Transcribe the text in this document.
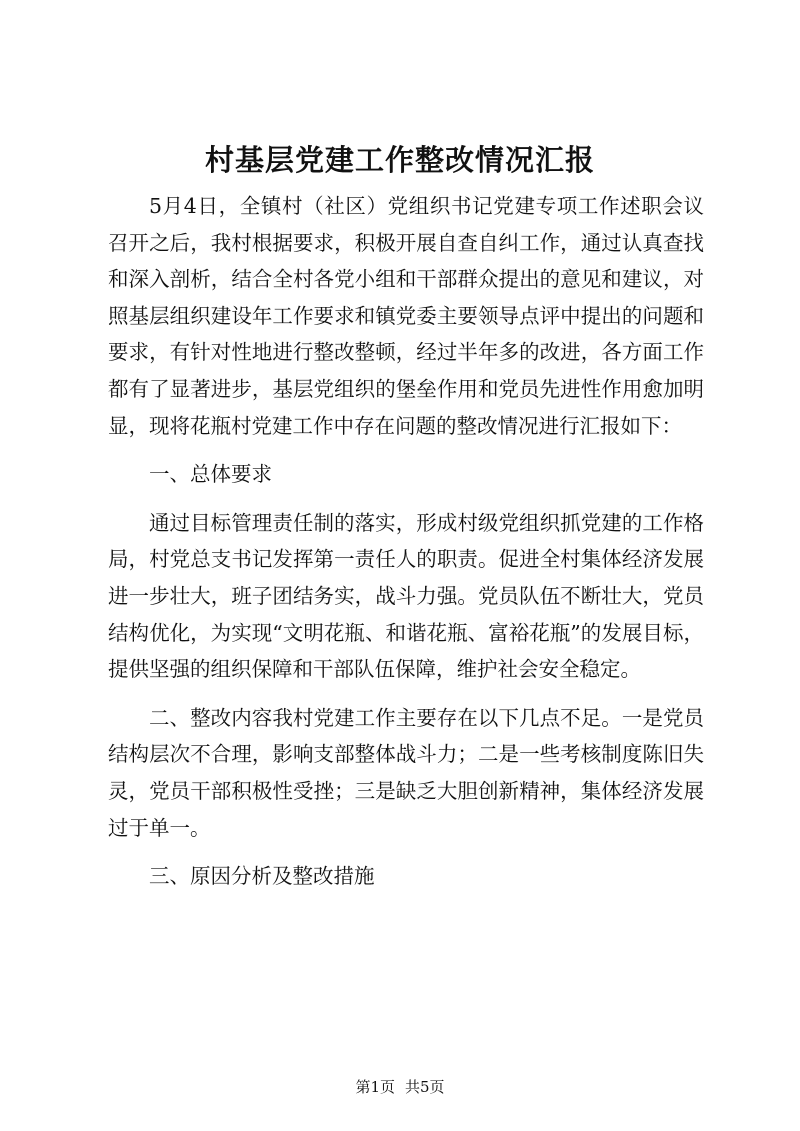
村基层党建工作整改情况汇报

5月4日，全镇村（社区）党组织书记党建专项工作述职会议召开之后，我村根据要求，积极开展自查自纠工作，通过认真查找和深入剖析，结合全村各党小组和干部群众提出的意见和建议，对照基层组织建设年工作要求和镇党委主要领导点评中提出的问题和要求，有针对性地进行整改整顿，经过半年多的改进，各方面工作都有了显著进步，基层党组织的堡垒作用和党员先进性作用愈加明显，现将花瓶村党建工作中存在问题的整改情况进行汇报如下：

一、总体要求

通过目标管理责任制的落实，形成村级党组织抓党建的工作格局，村党总支书记发挥第一责任人的职责。促进全村集体经济发展进一步壮大，班子团结务实，战斗力强。党员队伍不断壮大，党员结构优化，为实现“文明花瓶、和谐花瓶、富裕花瓶”的发展目标，提供坚强的组织保障和干部队伍保障，维护社会安全稳定。

二、整改内容我村党建工作主要存在以下几点不足。一是党员结构层次不合理，影响支部整体战斗力；二是一些考核制度陈旧失灵，党员干部积极性受挫；三是缺乏大胆创新精神，集体经济发展过于单一。

三、原因分析及整改措施

第1页 共5页
